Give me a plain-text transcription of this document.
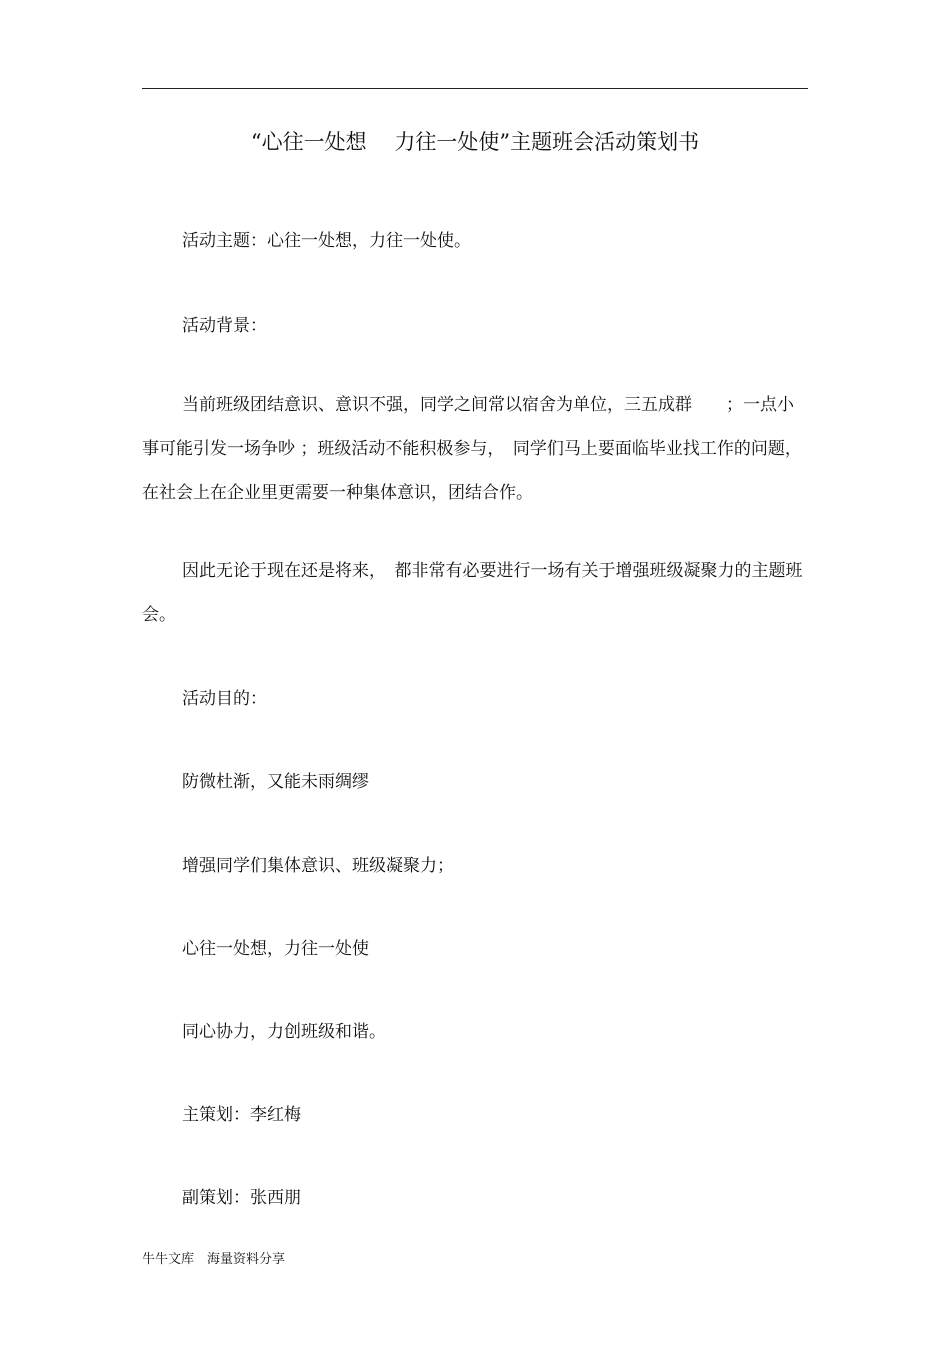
“心往一处想　 力往一处使”主题班会活动策划书
活动主题：心往一处想，力往一处使。
活动背景：
当前班级团结意识、意识不强，同学之间常以宿舍为单位，三五成群　　；一点小事可能引发一场争吵 ；班级活动不能积极参与，　同学们马上要面临毕业找工作的问题，在社会上在企业里更需要一种集体意识，团结合作。
因此无论于现在还是将来，　都非常有必要进行一场有关于增强班级凝聚力的主题班会。
活动目的：
防微杜渐，又能未雨绸缪
增强同学们集体意识、班级凝聚力；
心往一处想，力往一处使
同心协力，力创班级和谐。
主策划：李红梅
副策划：张西朋
牛牛文库　海量资料分享
